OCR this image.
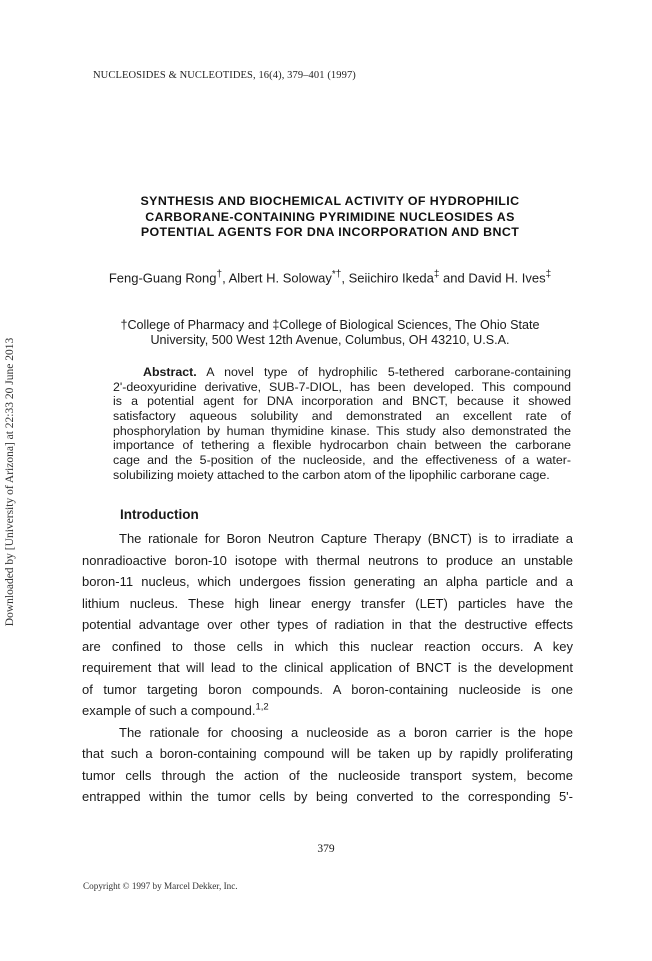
Downloaded by [University of Arizona] at 22:33 20 June 2013
NUCLEOSIDES & NUCLEOTIDES, 16(4), 379–401 (1997)
SYNTHESIS AND BIOCHEMICAL ACTIVITY OF HYDROPHILIC
CARBORANE-CONTAINING PYRIMIDINE NUCLEOSIDES AS
POTENTIAL AGENTS FOR DNA INCORPORATION AND BNCT
Feng-Guang Rong†, Albert H. Soloway*†, Seiichiro Ikeda‡ and David H. Ives‡
†College of Pharmacy and ‡College of Biological Sciences, The Ohio State
University, 500 West 12th Avenue, Columbus, OH 43210, U.S.A.
Abstract. A novel type of hydrophilic 5-tethered carborane-containing
2'-deoxyuridine derivative, SUB-7-DIOL, has been developed. This compound
is a potential agent for DNA incorporation and BNCT, because it showed
satisfactory aqueous solubility and demonstrated an excellent rate of
phosphorylation by human thymidine kinase. This study also demonstrated the
importance of tethering a flexible hydrocarbon chain between the carborane
cage and the 5-position of the nucleoside, and the effectiveness of a water-
solubilizing moiety attached to the carbon atom of the lipophilic carborane cage.
Introduction
The rationale for Boron Neutron Capture Therapy (BNCT) is to irradiate a
nonradioactive boron-10 isotope with thermal neutrons to produce an unstable
boron-11 nucleus, which undergoes fission generating an alpha particle and a
lithium nucleus. These high linear energy transfer (LET) particles have the
potential advantage over other types of radiation in that the destructive effects
are confined to those cells in which this nuclear reaction occurs. A key
requirement that will lead to the clinical application of BNCT is the development
of tumor targeting boron compounds. A boron-containing nucleoside is one
example of such a compound.$^{1,2}$
The rationale for choosing a nucleoside as a boron carrier is the hope
that such a boron-containing compound will be taken up by rapidly proliferating
tumor cells through the action of the nucleoside transport system, become
entrapped within the tumor cells by being converted to the corresponding 5'-
379
Copyright © 1997 by Marcel Dekker, Inc.
